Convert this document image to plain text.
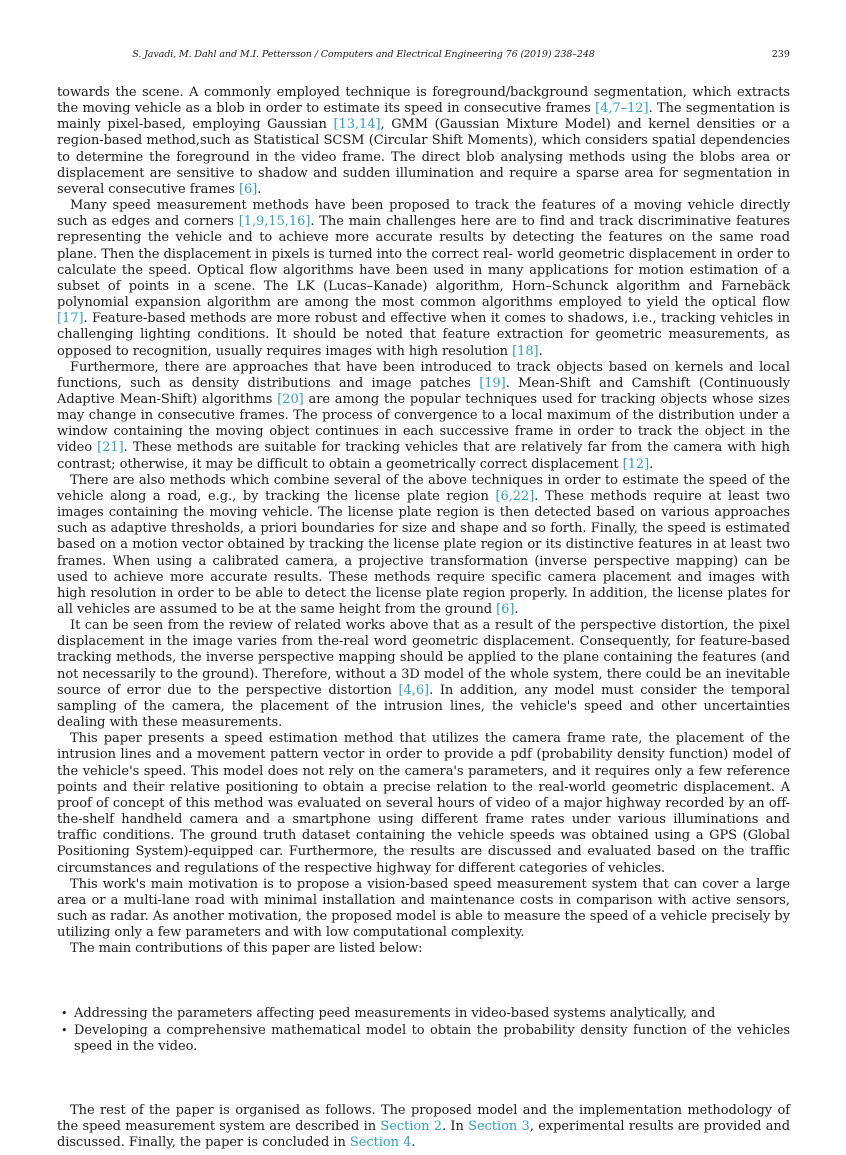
S. Javadi, M. Dahl and M.I. Pettersson / Computers and Electrical Engineering 76 (2019) 238–248	239

towards the scene. A commonly employed technique is foreground/background segmentation, which extracts the moving vehicle as a blob in order to estimate its speed in consecutive frames [4,7–12]. The segmentation is mainly pixel-based, employing Gaussian [13,14], GMM (Gaussian Mixture Model) and kernel densities or a region-based method,such as Statistical SCSM (Circular Shift Moments), which considers spatial dependencies to determine the foreground in the video frame. The direct blob analysing methods using the blobs area or displacement are sensitive to shadow and sudden illumination and require a sparse area for segmentation in several consecutive frames [6].

Many speed measurement methods have been proposed to track the features of a moving vehicle directly such as edges and corners [1,9,15,16]. The main challenges here are to find and track discriminative features representing the vehicle and to achieve more accurate results by detecting the features on the same road plane. Then the displacement in pixels is turned into the correct real- world geometric displacement in order to calculate the speed. Optical flow algorithms have been used in many applications for motion estimation of a subset of points in a scene. The LK (Lucas–Kanade) algorithm, Horn–Schunck algorithm and Farnebäck polynomial expansion algorithm are among the most common algorithms employed to yield the optical flow [17]. Feature-based methods are more robust and effective when it comes to shadows, i.e., tracking vehicles in challenging lighting conditions. It should be noted that feature extraction for geometric measurements, as opposed to recognition, usually requires images with high resolution [18].

Furthermore, there are approaches that have been introduced to track objects based on kernels and local functions, such as density distributions and image patches [19]. Mean-Shift and Camshift (Continuously Adaptive Mean-Shift) algorithms [20] are among the popular techniques used for tracking objects whose sizes may change in consecutive frames. The process of convergence to a local maximum of the distribution under a window containing the moving object continues in each successive frame in order to track the object in the video [21]. These methods are suitable for tracking vehicles that are relatively far from the camera with high contrast; otherwise, it may be difficult to obtain a geometrically correct displacement [12].

There are also methods which combine several of the above techniques in order to estimate the speed of the vehicle along a road, e.g., by tracking the license plate region [6,22]. These methods require at least two images containing the moving vehicle. The license plate region is then detected based on various approaches such as adaptive thresholds, a priori boundaries for size and shape and so forth. Finally, the speed is estimated based on a motion vector obtained by tracking the license plate region or its distinctive features in at least two frames. When using a calibrated camera, a projective transformation (inverse perspective mapping) can be used to achieve more accurate results. These methods require specific camera placement and images with high resolution in order to be able to detect the license plate region properly. In addition, the license plates for all vehicles are assumed to be at the same height from the ground [6].

It can be seen from the review of related works above that as a result of the perspective distortion, the pixel displacement in the image varies from the-real word geometric displacement. Consequently, for feature-based tracking methods, the inverse perspective mapping should be applied to the plane containing the features (and not necessarily to the ground). Therefore, without a 3D model of the whole system, there could be an inevitable source of error due to the perspective distortion [4,6]. In addition, any model must consider the temporal sampling of the camera, the placement of the intrusion lines, the vehicle's speed and other uncertainties dealing with these measurements.

This paper presents a speed estimation method that utilizes the camera frame rate, the placement of the intrusion lines and a movement pattern vector in order to provide a pdf (probability density function) model of the vehicle's speed. This model does not rely on the camera's parameters, and it requires only a few reference points and their relative positioning to obtain a precise relation to the real-world geometric displacement. A proof of concept of this method was evaluated on several hours of video of a major highway recorded by an off-the-shelf handheld camera and a smartphone using different frame rates under various illuminations and traffic conditions. The ground truth dataset containing the vehicle speeds was obtained using a GPS (Global Positioning System)-equipped car. Furthermore, the results are discussed and evaluated based on the traffic circumstances and regulations of the respective highway for different categories of vehicles.

This work's main motivation is to propose a vision-based speed measurement system that can cover a large area or a multi-lane road with minimal installation and maintenance costs in comparison with active sensors, such as radar. As another motivation, the proposed model is able to measure the speed of a vehicle precisely by utilizing only a few parameters and with low computational complexity.

The main contributions of this paper are listed below:

• Addressing the parameters affecting peed measurements in video-based systems analytically, and
• Developing a comprehensive mathematical model to obtain the probability density function of the vehicles speed in the video.

The rest of the paper is organised as follows. The proposed model and the implementation methodology of the speed measurement system are described in Section 2. In Section 3, experimental results are provided and discussed. Finally, the paper is concluded in Section 4.
